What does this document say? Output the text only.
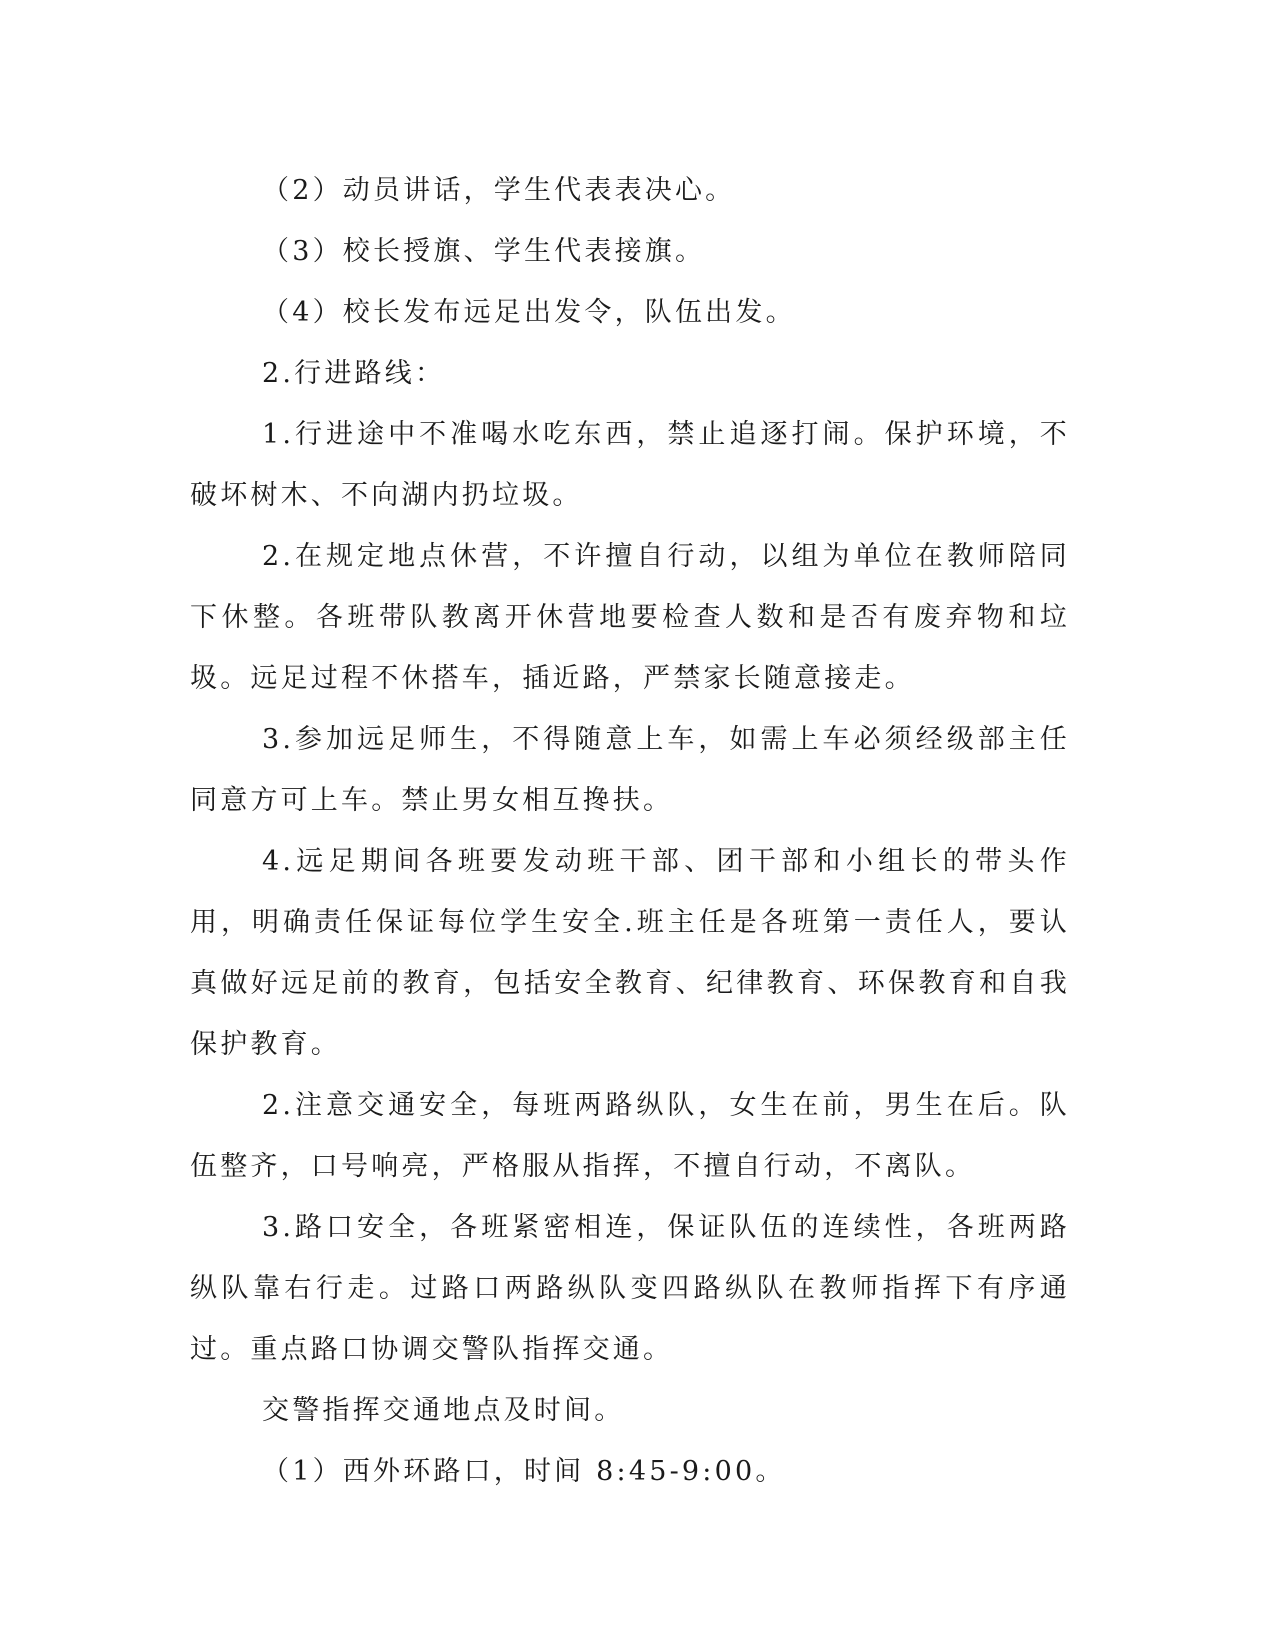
（2）动员讲话，学生代表表决心。

（3）校长授旗、学生代表接旗。

（4）校长发布远足出发令，队伍出发。

2.行进路线：

1.行进途中不准喝水吃东西，禁止追逐打闹。保护环境，不破坏树木、不向湖内扔垃圾。

2.在规定地点休营，不许擅自行动，以组为单位在教师陪同下休整。各班带队教离开休营地要检查人数和是否有废弃物和垃圾。远足过程不休搭车，插近路，严禁家长随意接走。

3.参加远足师生，不得随意上车，如需上车必须经级部主任同意方可上车。禁止男女相互搀扶。

4.远足期间各班要发动班干部、团干部和小组长的带头作用，明确责任保证每位学生安全.班主任是各班第一责任人，要认真做好远足前的教育，包括安全教育、纪律教育、环保教育和自我保护教育。

2.注意交通安全，每班两路纵队，女生在前，男生在后。队伍整齐，口号响亮，严格服从指挥，不擅自行动，不离队。

3.路口安全，各班紧密相连，保证队伍的连续性，各班两路纵队靠右行走。过路口两路纵队变四路纵队在教师指挥下有序通过。重点路口协调交警队指挥交通。

交警指挥交通地点及时间。

（1）西外环路口，时间 8:45-9:00。
